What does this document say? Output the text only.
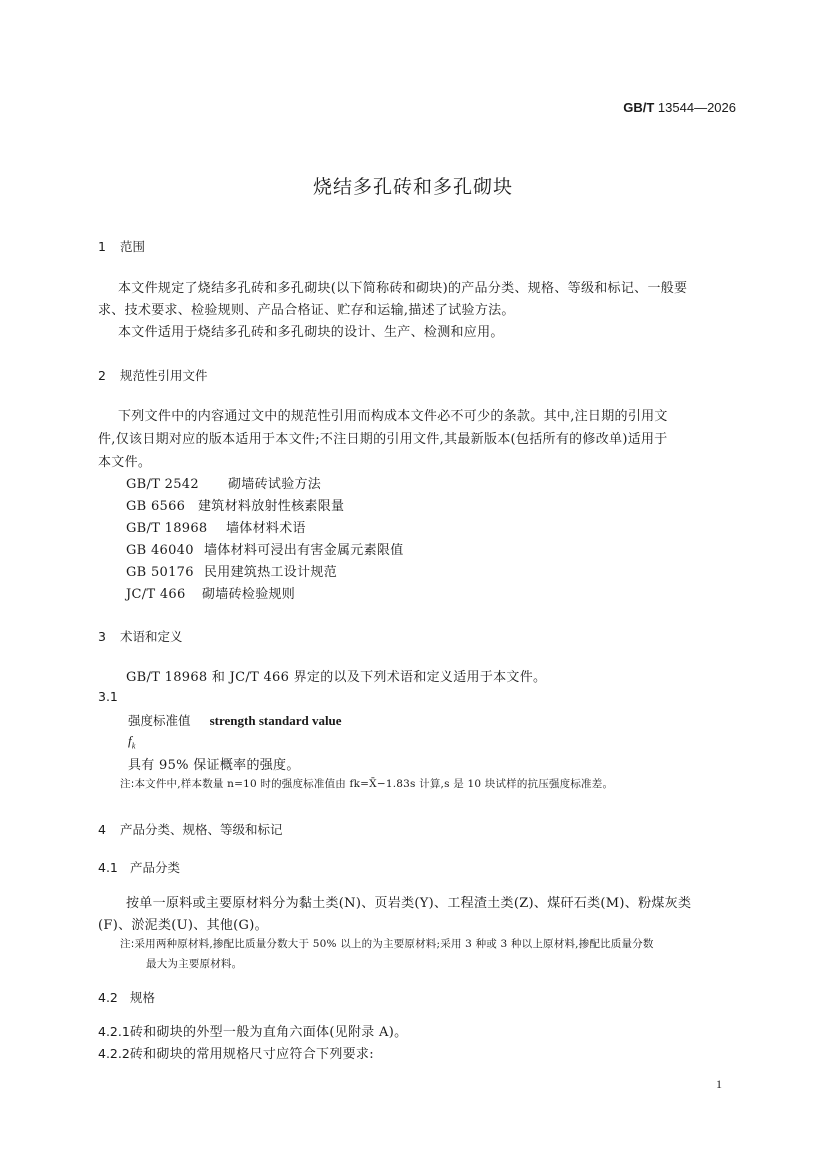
GB/T 13544—2026
烧结多孔砖和多孔砌块
1 范围
本文件规定了烧结多孔砖和多孔砌块(以下简称砖和砌块)的产品分类、规格、等级和标记、一般要
求、技术要求、检验规则、产品合格证、贮存和运输,描述了试验方法。
本文件适用于烧结多孔砖和多孔砌块的设计、生产、检测和应用。
2 规范性引用文件
下列文件中的内容通过文中的规范性引用而构成本文件必不可少的条款。其中,注日期的引用文
件,仅该日期对应的版本适用于本文件;不注日期的引用文件,其最新版本(包括所有的修改单)适用于
本文件。
GB/T 2542 砌墙砖试验方法
GB 6566 建筑材料放射性核素限量
GB/T 18968 墙体材料术语
GB 46040 墙体材料可浸出有害金属元素限值
GB 50176 民用建筑热工设计规范
JC/T 466 砌墙砖检验规则
3 术语和定义
GB/T 18968 和 JC/T 466 界定的以及下列术语和定义适用于本文件。
3.1
强度标准值 strength standard value
$f_k$
具有 95% 保证概率的强度。
注:本文件中,样本数量 n=10 时的强度标准值由 fk=X̄−1.83s 计算,s 是 10 块试样的抗压强度标准差。
4 产品分类、规格、等级和标记
4.1 产品分类
按单一原料或主要原材料分为黏土类(N)、页岩类(Y)、工程渣土类(Z)、煤矸石类(M)、粉煤灰类
(F)、淤泥类(U)、其他(G)。
注:采用两种原材料,掺配比质量分数大于 50% 以上的为主要原材料;采用 3 种或 3 种以上原材料,掺配比质量分数
最大为主要原材料。
4.2 规格
4.2.1砖和砌块的外型一般为直角六面体(见附录 A)。
4.2.2砖和砌块的常用规格尺寸应符合下列要求:
1
